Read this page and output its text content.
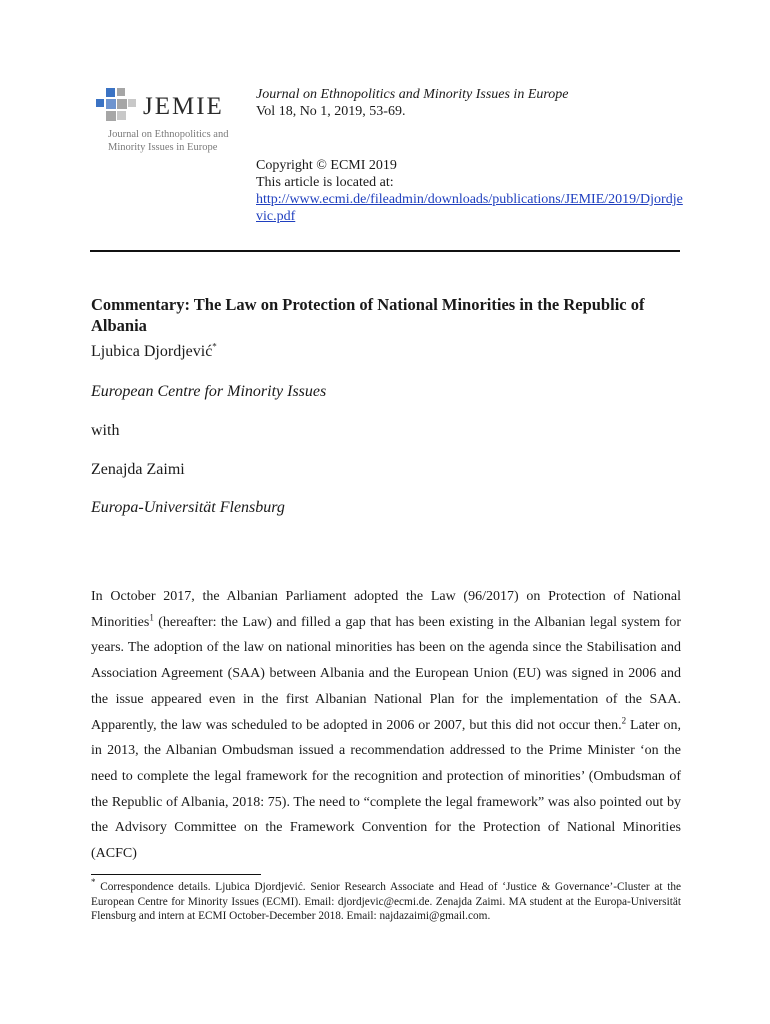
JEMIE
Journal on Ethnopolitics and
Minority Issues in Europe
Journal on Ethnopolitics and Minority Issues in Europe
Vol 18, No 1, 2019, 53-69.
Copyright © ECMI 2019
This article is located at:
http://www.ecmi.de/fileadmin/downloads/publications/JEMIE/2019/Djordjevic.pdf
Commentary: The Law on Protection of National Minorities in the Republic of Albania
Ljubica Djordjević*
European Centre for Minority Issues
with
Zenajda Zaimi
Europa-Universität Flensburg
In October 2017, the Albanian Parliament adopted the Law (96/2017) on Protection of National Minorities$^1$ (hereafter: the Law) and filled a gap that has been existing in the Albanian legal system for years. The adoption of the law on national minorities has been on the agenda since the Stabilisation and Association Agreement (SAA) between Albania and the European Union (EU) was signed in 2006 and the issue appeared even in the first Albanian National Plan for the implementation of the SAA. Apparently, the law was scheduled to be adopted in 2006 or 2007, but this did not occur then.$^2$ Later on, in 2013, the Albanian Ombudsman issued a recommendation addressed to the Prime Minister ‘on the need to complete the legal framework for the recognition and protection of minorities’ (Ombudsman of the Republic of Albania, 2018: 75). The need to “complete the legal framework” was also pointed out by the Advisory Committee on the Framework Convention for the Protection of National Minorities (ACFC)
* Correspondence details. Ljubica Djordjević. Senior Research Associate and Head of ‘Justice & Governance’-Cluster at the European Centre for Minority Issues (ECMI). Email: djordjevic@ecmi.de. Zenajda Zaimi. MA student at the Europa-Universität Flensburg and intern at ECMI October-December 2018. Email: najdazaimi@gmail.com.
